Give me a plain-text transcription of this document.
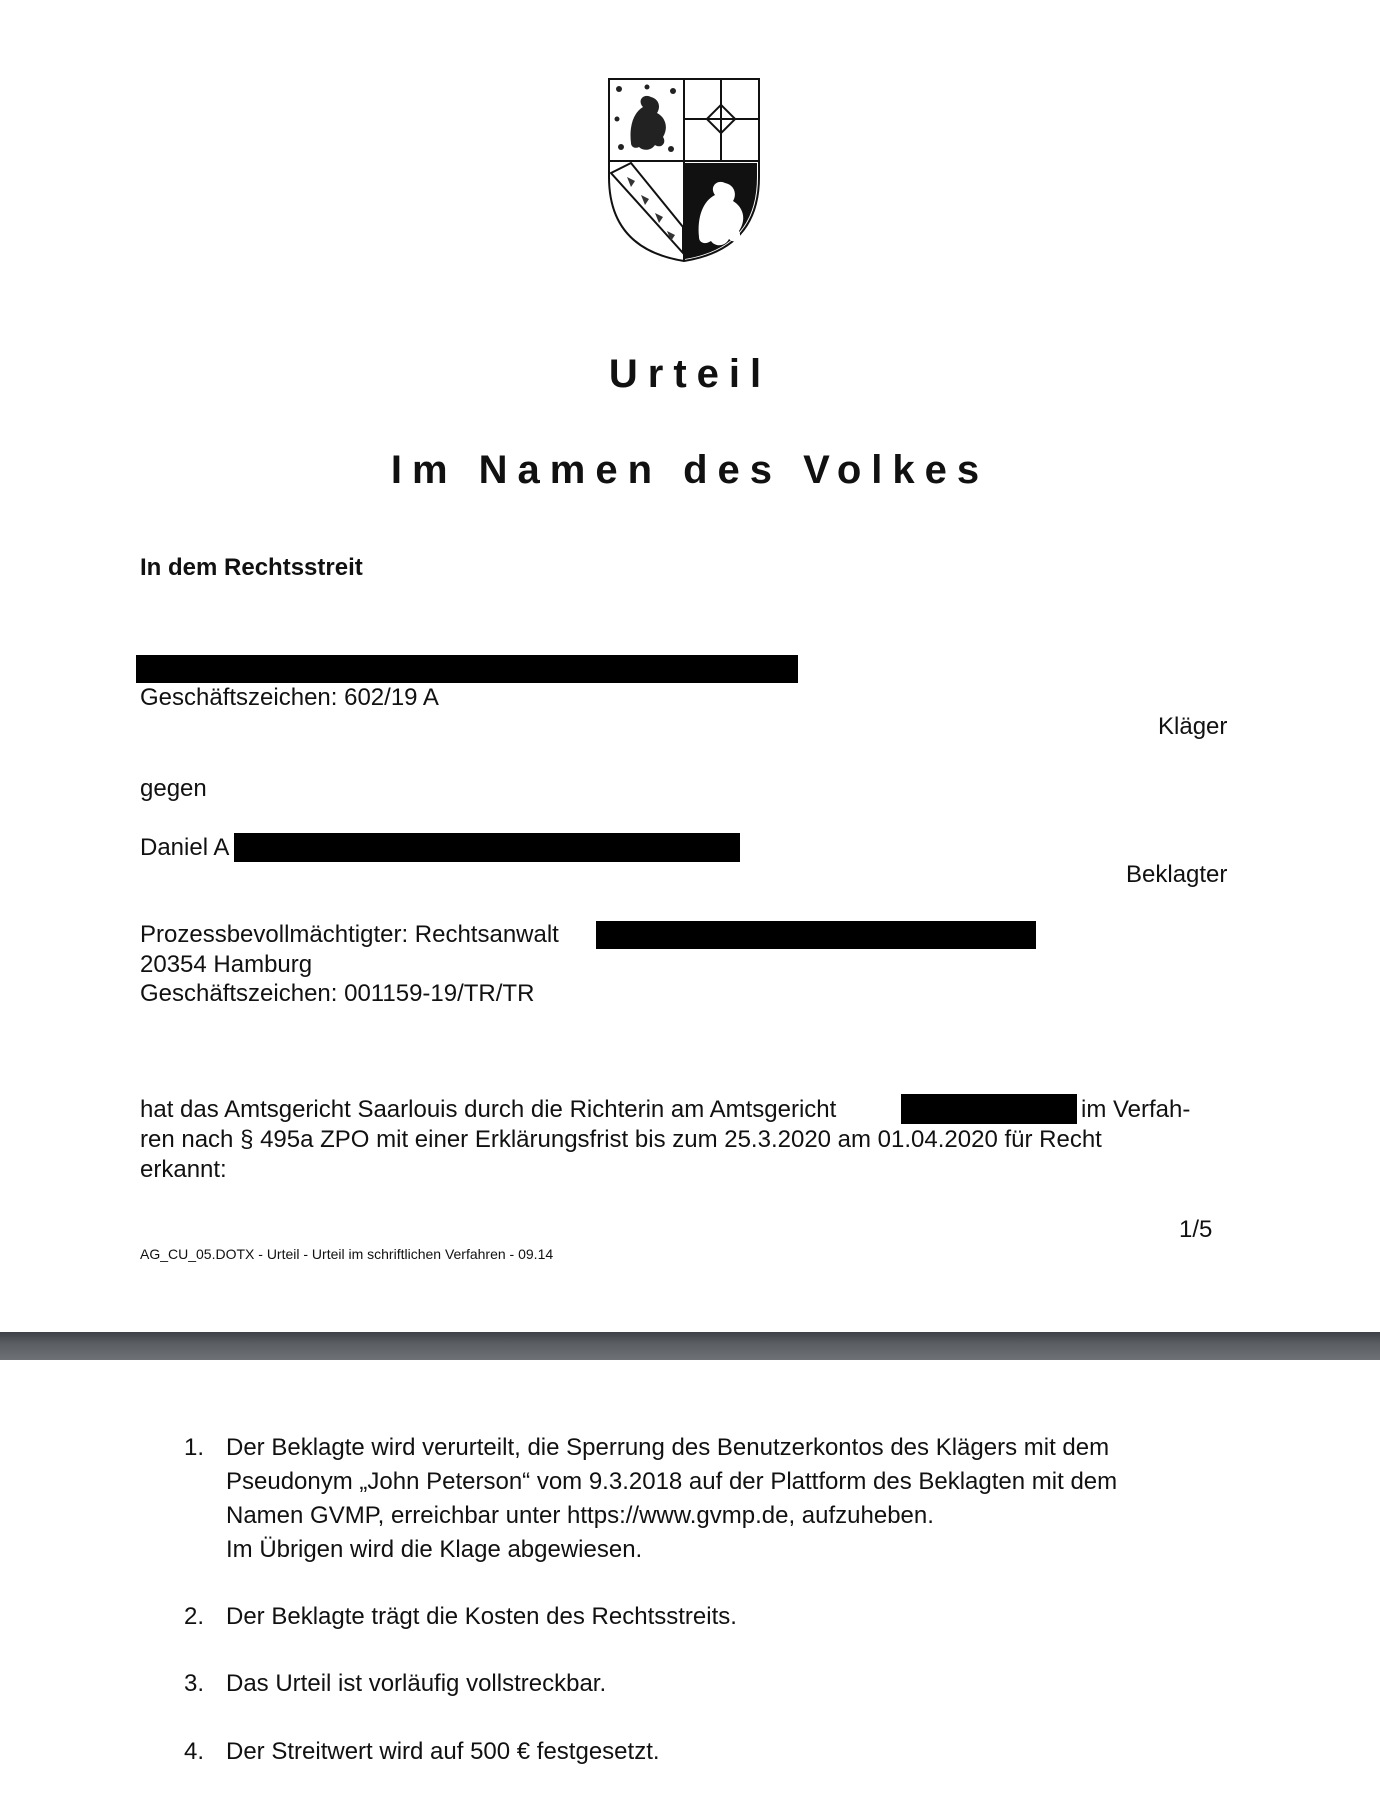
Urteil
Im Namen des Volkes
In dem Rechtsstreit
Geschäftszeichen: 602/19 A
Kläger
gegen
Daniel A
Beklagter
Prozessbevollmächtigter: Rechtsanwalt
20354 Hamburg
Geschäftszeichen: 001159-19/TR/TR
hat das Amtsgericht Saarlouis durch die Richterin am Amtsgericht	im Verfah-
ren nach § 495a ZPO mit einer Erklärungsfrist bis zum 25.3.2020 am 01.04.2020 für Recht
erkannt:
1/5
AG_CU_05.DOTX - Urteil - Urteil im schriftlichen Verfahren - 09.14
1. Der Beklagte wird verurteilt, die Sperrung des Benutzerkontos des Klägers mit dem
Pseudonym „John Peterson“ vom 9.3.2018 auf der Plattform des Beklagten mit dem
Namen GVMP, erreichbar unter https://www.gvmp.de, aufzuheben.
Im Übrigen wird die Klage abgewiesen.
2. Der Beklagte trägt die Kosten des Rechtsstreits.
3. Das Urteil ist vorläufig vollstreckbar.
4. Der Streitwert wird auf 500 € festgesetzt.
